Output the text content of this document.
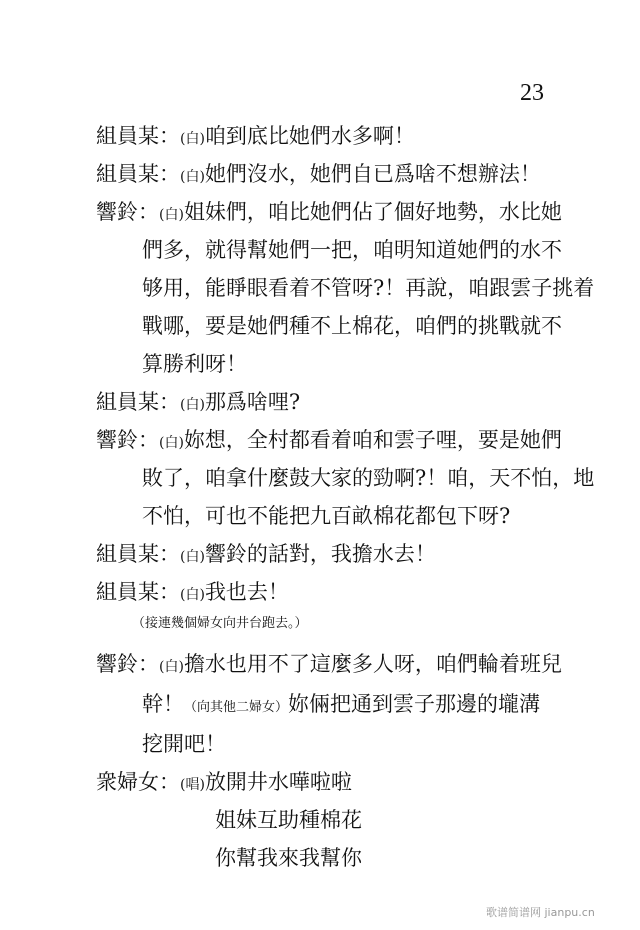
23
組員某：(白)咱到底比她們水多啊！
組員某：(白)她們沒水，她們自已爲啥不想辦法！
響鈴：(白)姐妹們，咱比她們佔了個好地勢，水比她
們多，就得幫她們一把，咱明知道她們的水不
够用，能睜眼看着不管呀?！再說，咱跟雲子挑着
戰哪，要是她們種不上棉花，咱們的挑戰就不
算勝利呀！
組員某：(白)那爲啥哩?
響鈴：(白)妳想，全村都看着咱和雲子哩，要是她們
敗了，咱拿什麼鼓大家的勁啊?！咱，天不怕，地
不怕，可也不能把九百畝棉花都包下呀?
組員某：(白)響鈴的話對，我擔水去！
組員某：(白)我也去！
（接連幾個婦女向井台跑去。）
響鈴：(白)擔水也用不了這麼多人呀，咱們輪着班兒
幹！（向其他二婦女）妳倆把通到雲子那邊的壠溝
挖開吧！
衆婦女：(唱)放開井水嘩啦啦
姐妹互助種棉花
你幫我來我幫你
歌谱简谱网 jianpu.cn
